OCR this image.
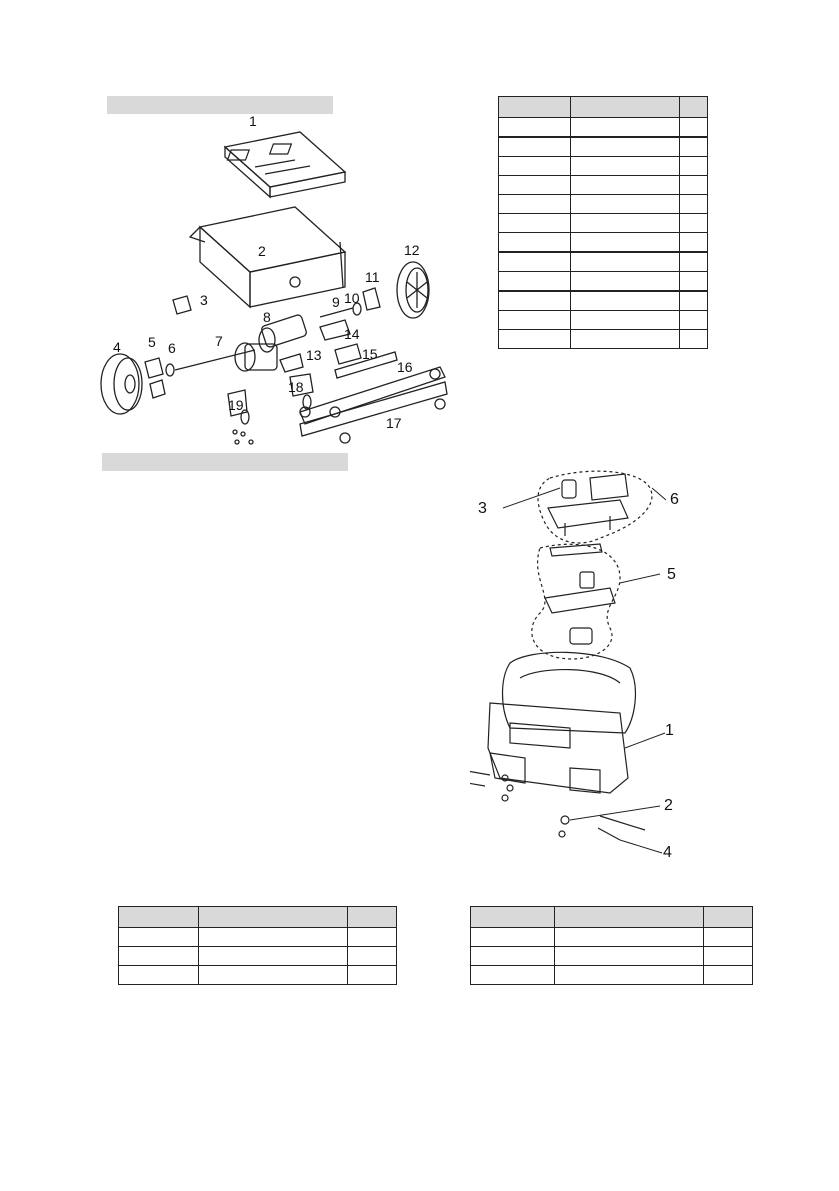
1
2
3
4 5 6	7
8
9 10
11
12
13
14
15
16
17
18
19
3
6
5
1
2
4
